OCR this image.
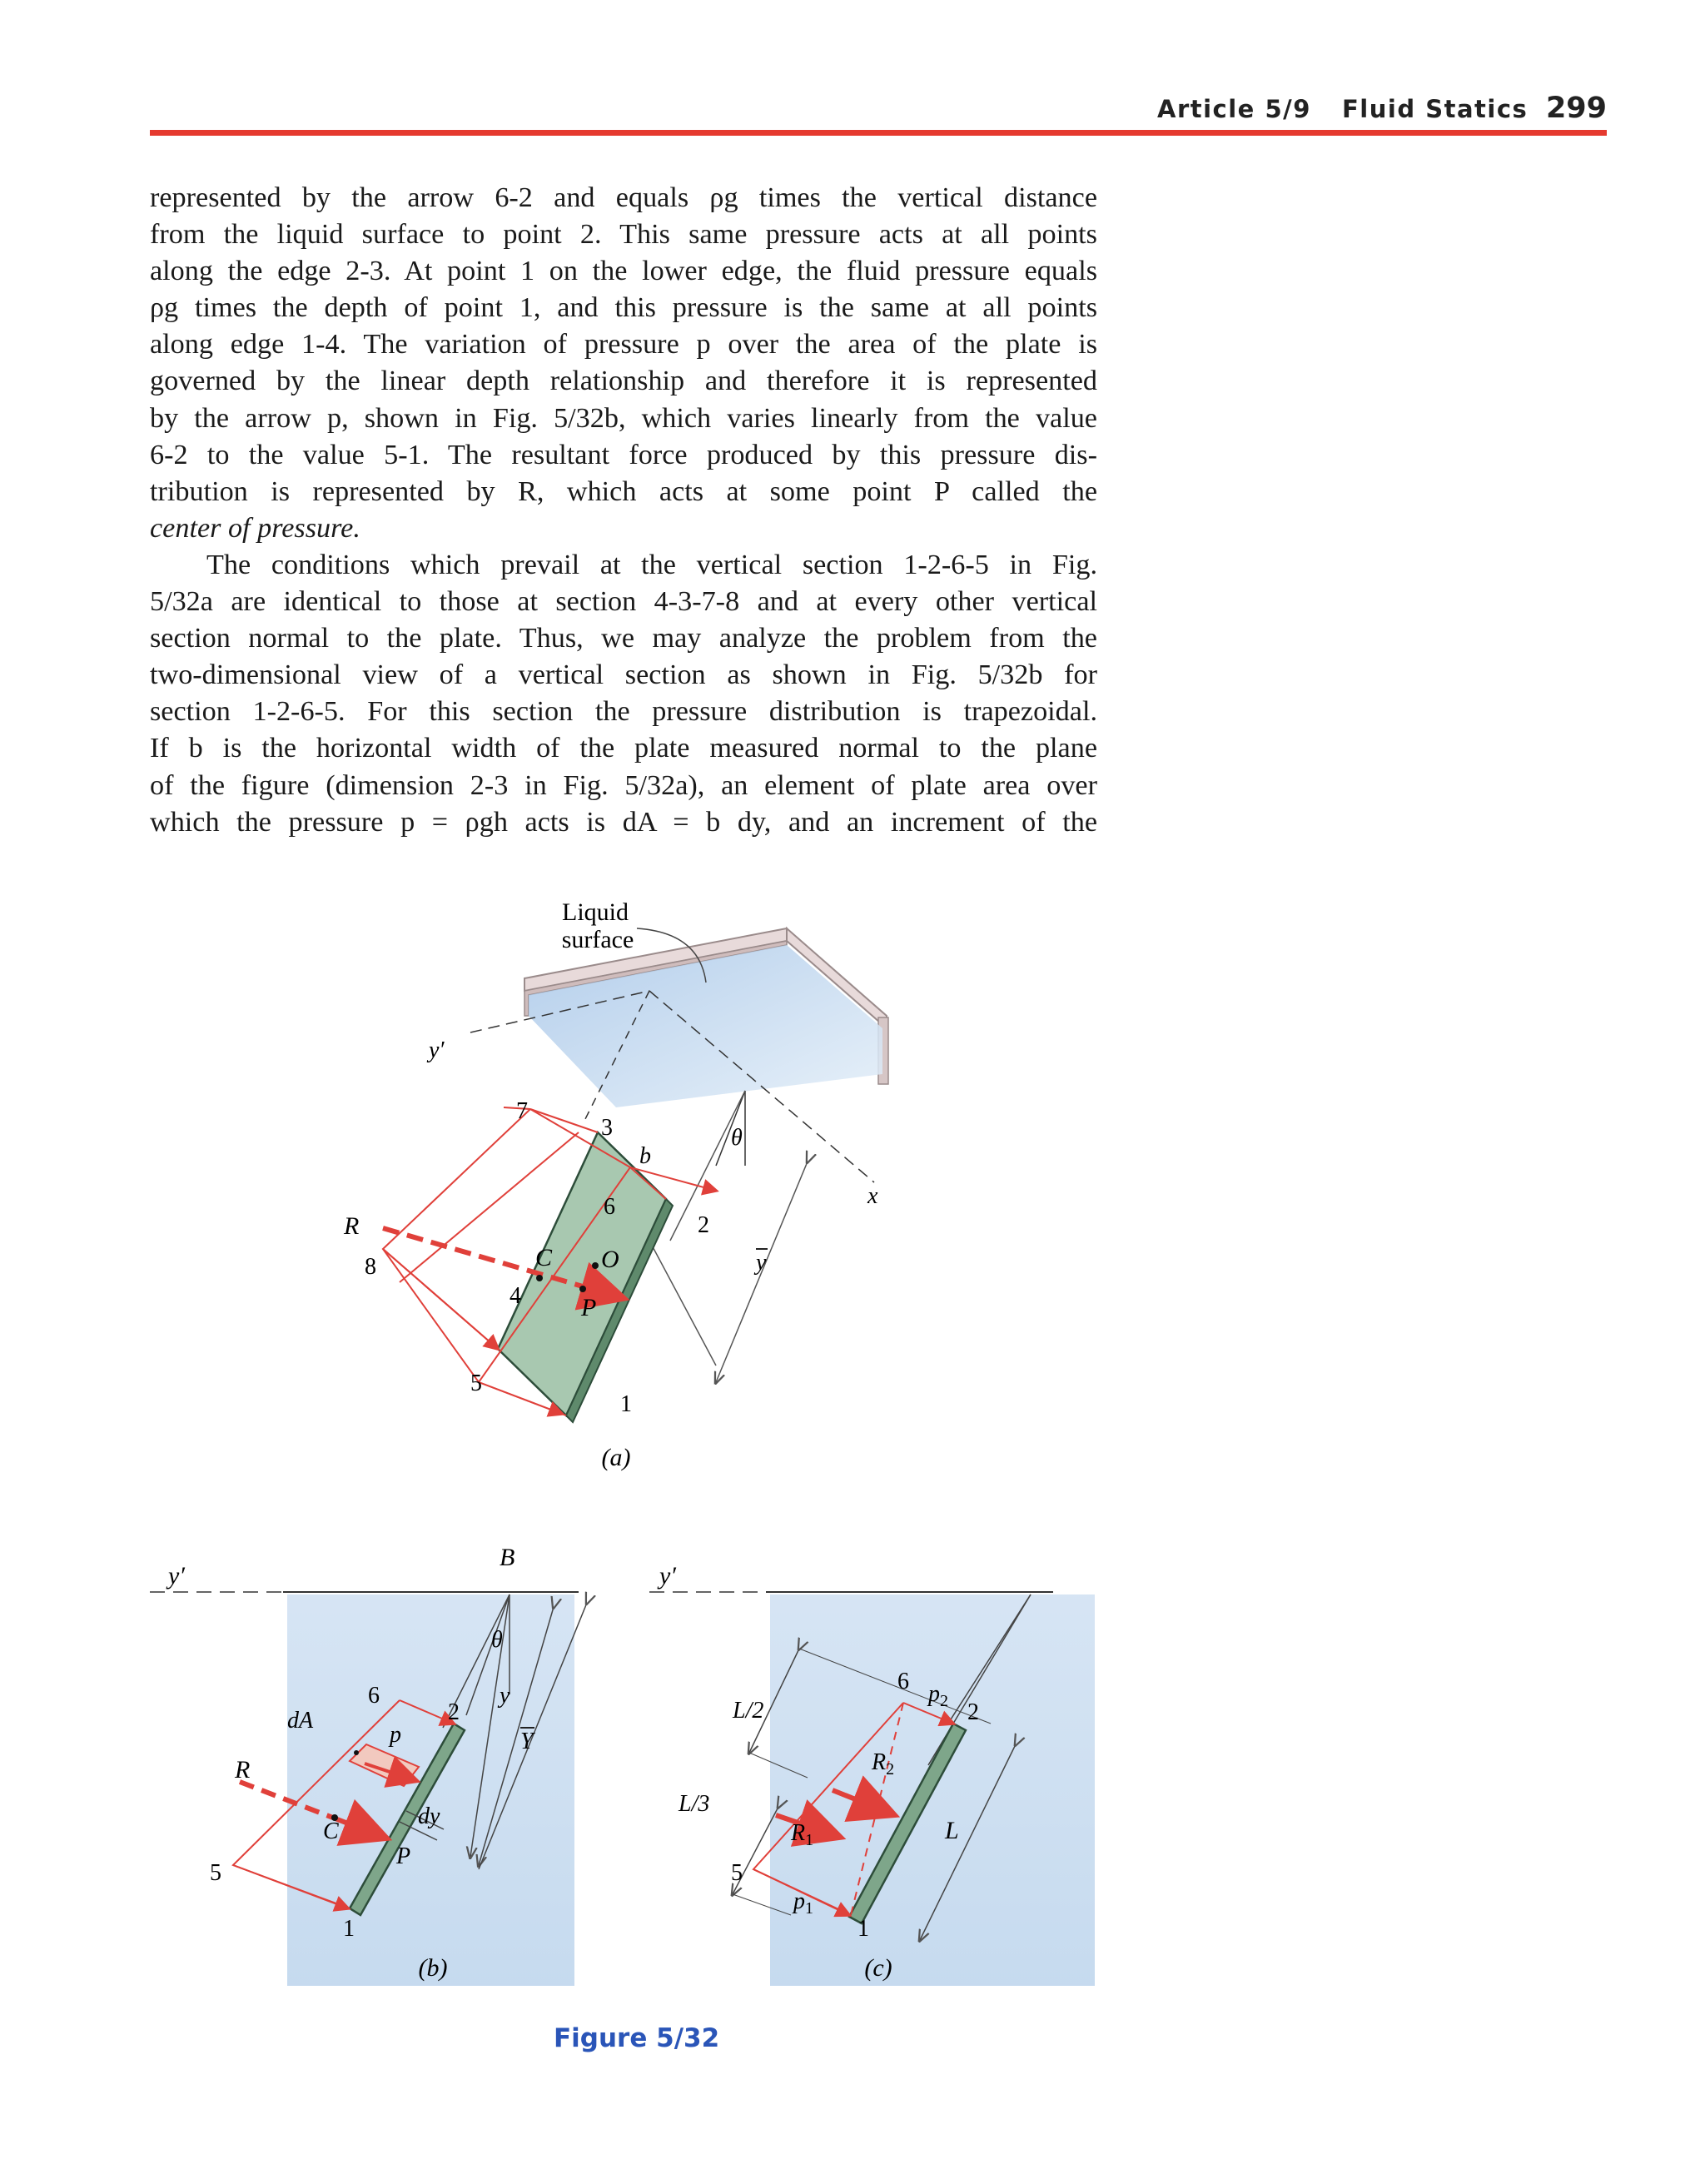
Article 5/9 Fluid Statics 299
represented by the arrow 6-2 and equals ρg times the vertical distance
from the liquid surface to point 2. This same pressure acts at all points
along the edge 2-3. At point 1 on the lower edge, the fluid pressure equals
ρg times the depth of point 1, and this pressure is the same at all points
along edge 1-4. The variation of pressure p over the area of the plate is
governed by the linear depth relationship and therefore it is represented
by the arrow p, shown in Fig. 5/32b, which varies linearly from the value
6-2 to the value 5-1. The resultant force produced by this pressure dis-
tribution is represented by R, which acts at some point P called the
center of pressure.
The conditions which prevail at the vertical section 1-2-6-5 in Fig.
5/32a are identical to those at section 4-3-7-8 and at every other vertical
section normal to the plate. Thus, we may analyze the problem from the
two-dimensional view of a vertical section as shown in Fig. 5/32b for
section 1-2-6-5. For this section the pressure distribution is trapezoidal.
If b is the horizontal width of the plate measured normal to the plane
of the figure (dimension 2-3 in Fig. 5/32a), an element of plate area over
which the pressure p = ρgh acts is dA = b dy, and an increment of the
Liquid
surface
y′
7
3
b
θ
x
R
6
2
8	C O
4 P
y
5
1
(a)
y′
B
θ
6
2
y
dA
p	Y
R
C
dy
P
5
1
(b)
y′
L/2
6 $p_2$ 2
$R_2$
L/3
$R_1$	L
5
$p_1$
1
(c)
Figure 5/32
